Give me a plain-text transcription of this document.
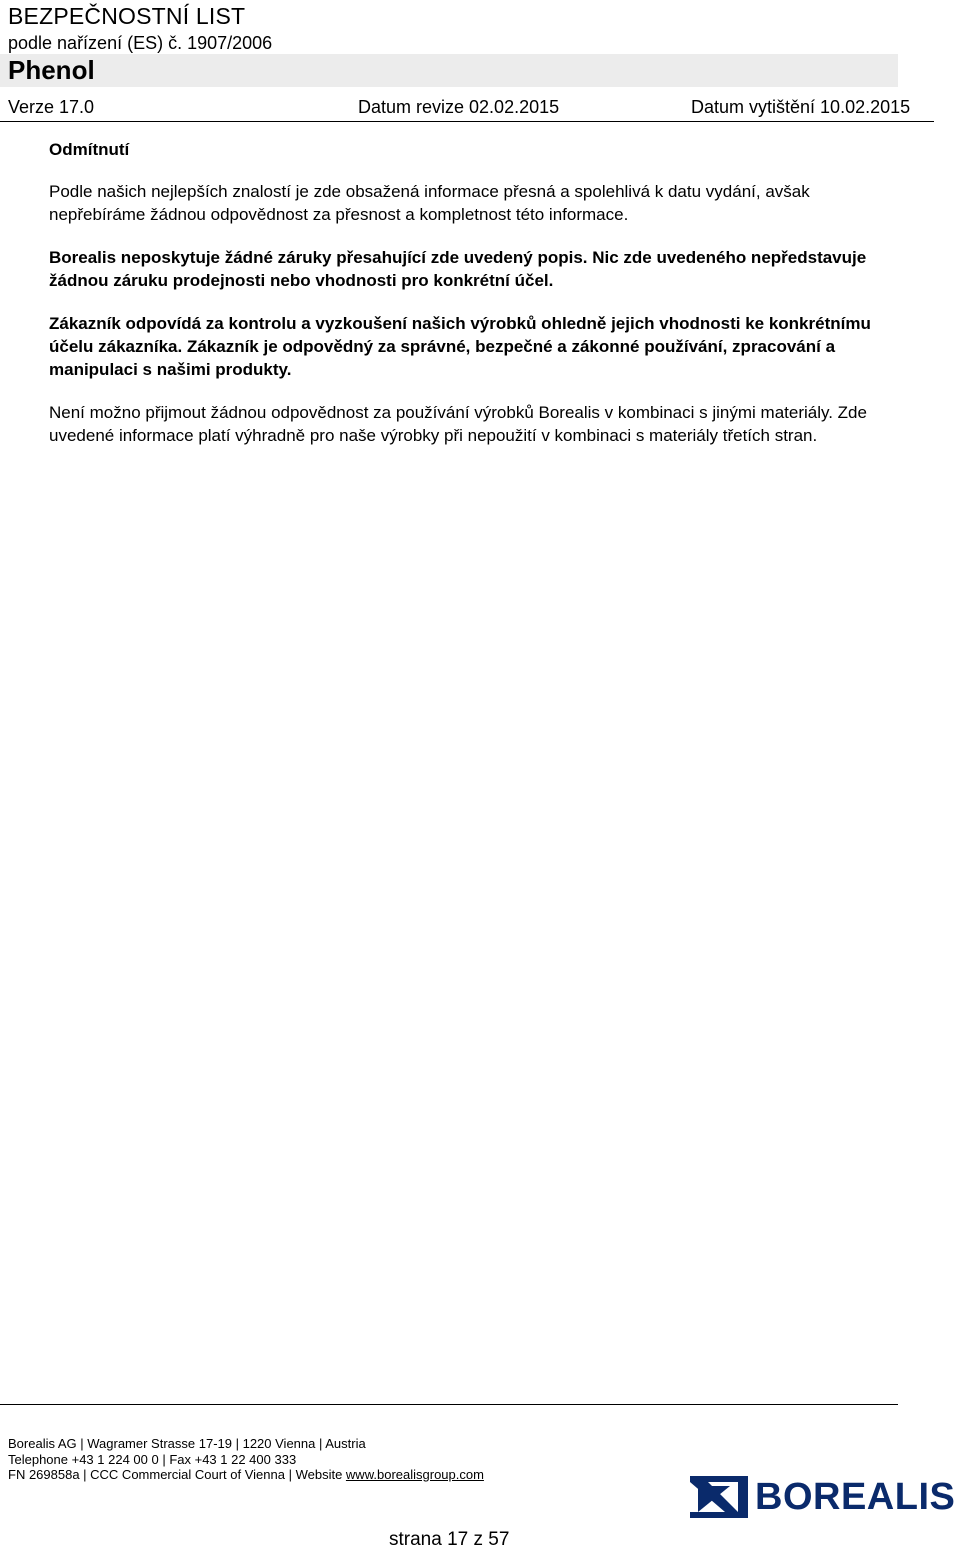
BEZPEČNOSTNÍ LIST
podle nařízení (ES) č. 1907/2006
Phenol
Verze 17.0	Datum revize 02.02.2015	Datum vytištění 10.02.2015
Odmítnutí

Podle našich nejlepších znalostí je zde obsažená informace přesná a spolehlivá k datu vydání, avšak nepřebíráme žádnou odpovědnost za přesnost a kompletnost této informace.

Borealis neposkytuje žádné záruky přesahující zde uvedený popis. Nic zde uvedeného nepředstavuje žádnou záruku prodejnosti nebo vhodnosti pro konkrétní účel.

Zákazník odpovídá za kontrolu a vyzkoušení našich výrobků ohledně jejich vhodnosti ke konkrétnímu účelu zákazníka. Zákazník je odpovědný za správné, bezpečné a zákonné používání, zpracování a manipulaci s našimi produkty.

Není možno přijmout žádnou odpovědnost za používání výrobků Borealis v kombinaci s jinými materiály. Zde uvedené informace platí výhradně pro naše výrobky při nepoužití v kombinaci s materiály třetích stran.

Borealis AG | Wagramer Strasse 17-19 | 1220 Vienna | Austria
Telephone +43 1 224 00 0 | Fax +43 1 22 400 333
FN 269858a | CCC Commercial Court of Vienna | Website www.borealisgroup.com
strana 17 z 57
BOREALIS
